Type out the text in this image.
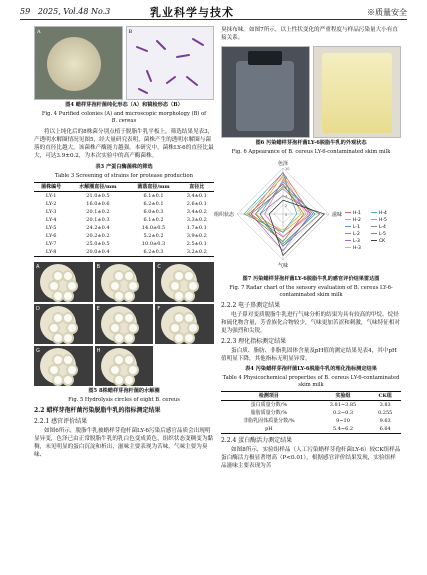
59 2025, Vol.48 No.3	乳业科学与技术	※质量安全
A	B
图4 蜡样芽孢杆菌纯化形态（A）和镜检形态（B）
Fig. 4 Purified colonies (A) and microscopic morphology (B) of
B. cereus

将以上纯化后的8株菌分别点植于脱脂牛乳平板上，筛选结果见表3，产透明水解圈情况见图5，经大量研究表明，菌株产生的透明水解圈与菌落的直径比越大，该菌株产酶能力越强。本研究中，菌株LY-6的直径比最大，可达3.9±0.2，为本次实验中的高产酶菌株。

表3 产蛋白酶菌株的筛选
Table 3 Screening of strains for protease production
菌株编号	水解圈直径/mm	菌落直径/mm	直径比
LY-1	21.0±0.5	6.1±0.1	3.4±0.1
LY-2	16.0±0.6	6.2±0.1	2.6±0.1
LY-3	20.1±0.2	6.0±0.3	3.4±0.2
LY-4	20.1±0.3	6.1±0.2	3.3±0.2
LY-5	24.2±0.4	14.0±0.5	1.7±0.1
LY-6	20.2±0.2	5.2±0.2	3.9±0.2
LY-7	25.0±0.5	10.0±0.3	2.5±0.1
LY-8	20.0±0.4	6.2±0.3	3.2±0.2
A	B	C
D	E	F
G	H
图5 8株蜡样芽孢杆菌的水解圈
Fig. 5 Hydrolysis circles of eight B. cereus
2.2 蜡样芽孢杆菌污染脱脂牛乳的指标测定结果
2.2.1 感官评价结果

如图6所示，脱脂牛乳被蜡样芽孢杆菌LY-6污染后感官品质会出现明显异变，色泽已由正常脱脂牛乳的乳白色变成黄色，组织状态变稠变为黏稠，未见明显的蛋白沉淀和析出，滋味主要表现为苦味，气味主要为臭味、

臭抹布味。如图7所示，以上性状变化的严重程度与样品污染量大小有直接关系。

图6 污染蜡样芽孢杆菌LY-6脱脂牛乳的外观状态
Fig. 6 Appearance of B. cereus LY-6-contaminated skim milk
色泽
滋味
气味
组织状态
10
8
6
4
2
0	H-1
H-2
L-1
L-2
L-3
H-3
H-4
H-5
L-4
L-5
CK
图7 污染蜡样芽孢杆菌LY-6脱脂牛乳的感官评价结果雷达图
Fig. 7 Radar chart of the sensory evaluation of B. cereus LY-6-
contaminated skim milk
2.2.2 电子鼻测定结果

电子鼻对变质脱脂牛乳进行气味分析的结果为具有较高的甲烷、烷烃和硫化物含量，芳香族化合物较少，气味更加苦涩和刺激，气味特征相对更为强烈和尖锐。

2.2.3 理化指标测定结果

蛋白质、脂肪、非脂乳固体含量及pH值的测定结果见表4，其中pH值明显下降，其他指标无明显异常。

表4 污染蜡样芽孢杆菌LY-6脱脂牛乳的理化指标测定结果
Table 4 Physicochemical properties of B. cereus LY-6-contaminated
skim milk
检测项目	实验组	CK组
蛋白质量分数/%	3.81~3.85	3.83
脂肪质量分数/%	0.2~0.3	0.255
非脂乳固体质量分数/%	9~10	9.63
pH	5.4~6.2	6.64
2.2.4 蛋白酶活力测定结果

如图8所示，实验组样品（人工污染蜡样芽孢杆菌LY-6）较CK组样品蛋白酶活力极显著增高（P<0.01），根据感官评价结果发现，实验组样品滋味主要表现为苦
